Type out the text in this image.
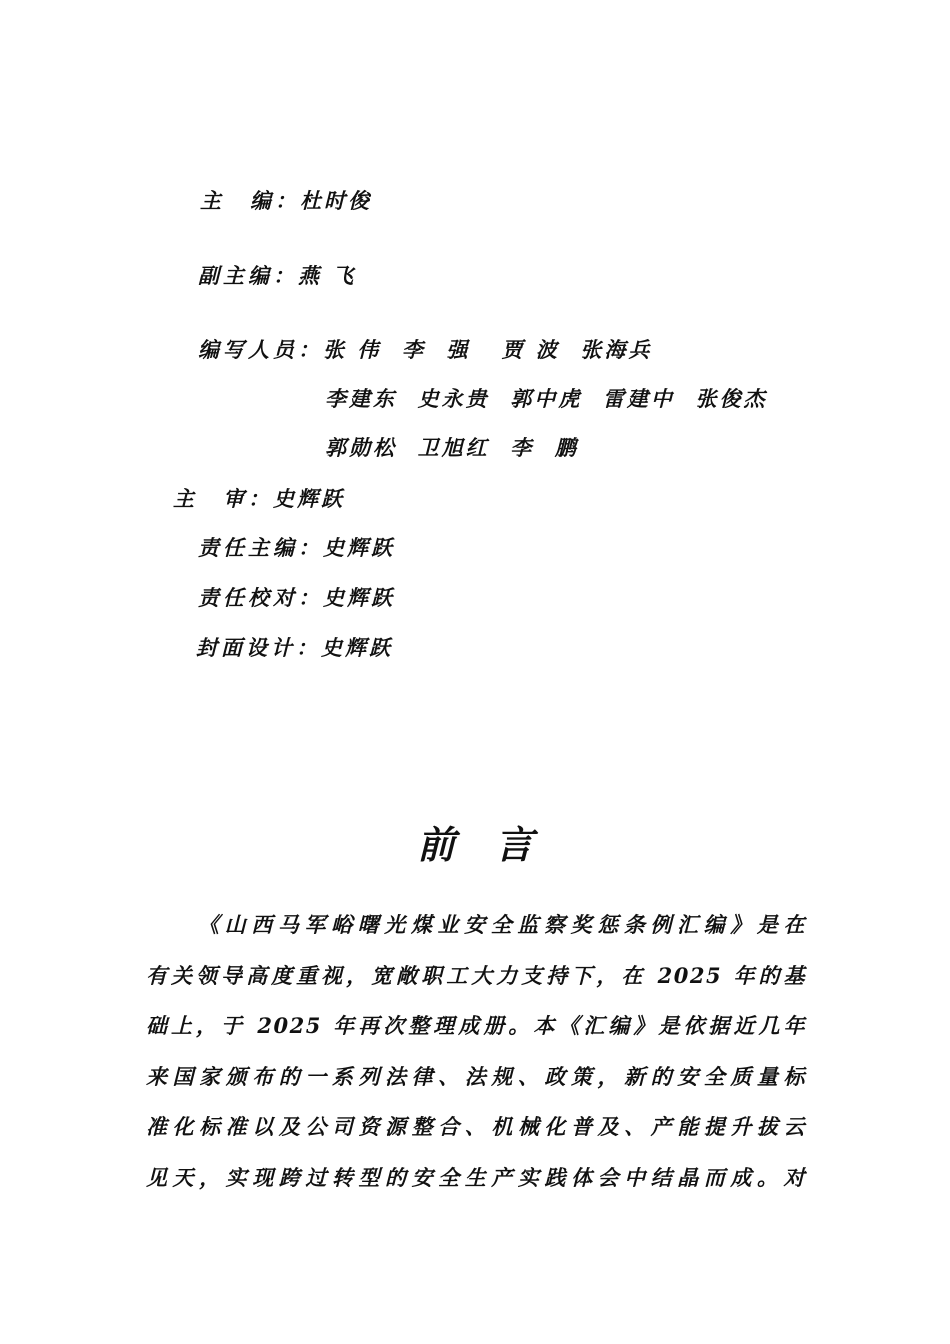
主　编：杜时俊
副主编：燕 飞
编写人员：张 伟  李  强   贾 波  张海兵
李建东  史永贵  郭中虎  雷建中  张俊杰
郭勋松  卫旭红  李  鹏
主　审：史辉跃
责任主编：史辉跃
责任校对：史辉跃
封面设计：史辉跃
前言
《山西马军峪曙光煤业安全监察奖惩条例汇编》是在
有关领导高度重视，宽敞职工大力支持下，在 2025 年的基
础上，于 2025 年再次整理成册。本《汇编》是依据近几年
来国家颁布的一系列法律、法规、政策，新的安全质量标
准化标准以及公司资源整合、机械化普及、产能提升拔云
见天，实现跨过转型的安全生产实践体会中结晶而成。对
